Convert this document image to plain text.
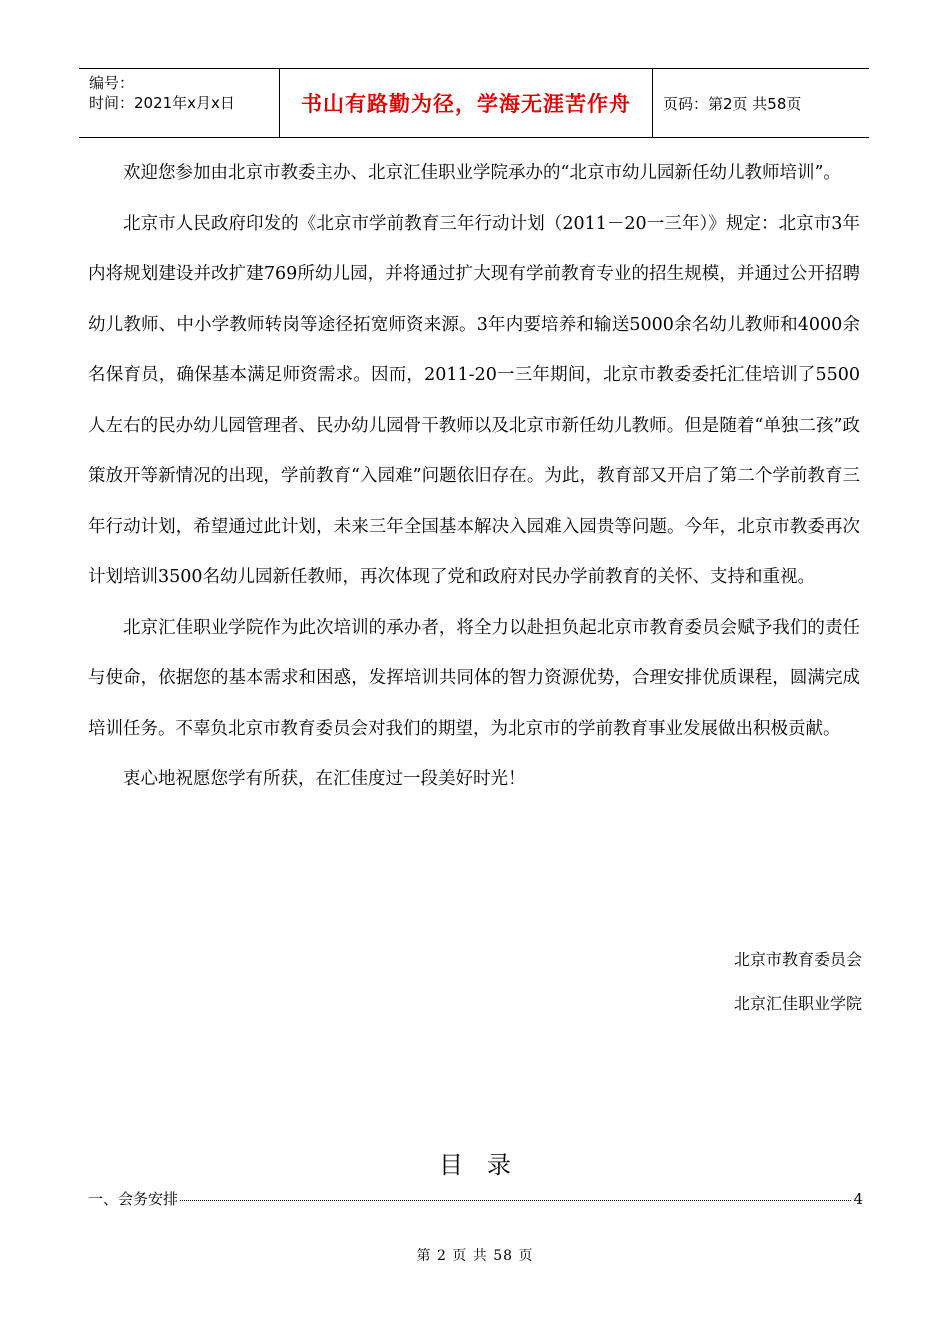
编号：
时间：2021年x月x日	书山有路勤为径，学海无涯苦作舟	页码：第2页 共58页

欢迎您参加由北京市教委主办、北京汇佳职业学院承办的“北京市幼儿园新任幼儿教师培训”。

北京市人民政府印发的《北京市学前教育三年行动计划（2011－20一三年）》规定：北京市3年内将规划建设并改扩建769所幼儿园，并将通过扩大现有学前教育专业的招生规模，并通过公开招聘幼儿教师、中小学教师转岗等途径拓宽师资来源。3年内要培养和输送5000余名幼儿教师和4000余名保育员，确保基本满足师资需求。因而，2011-20一三年期间，北京市教委委托汇佳培训了5500人左右的民办幼儿园管理者、民办幼儿园骨干教师以及北京市新任幼儿教师。但是随着“单独二孩”政策放开等新情况的出现，学前教育“入园难”问题依旧存在。为此，教育部又开启了第二个学前教育三年行动计划，希望通过此计划，未来三年全国基本解决入园难入园贵等问题。今年，北京市教委再次计划培训3500名幼儿园新任教师，再次体现了党和政府对民办学前教育的关怀、支持和重视。

北京汇佳职业学院作为此次培训的承办者，将全力以赴担负起北京市教育委员会赋予我们的责任与使命，依据您的基本需求和困惑，发挥培训共同体的智力资源优势，合理安排优质课程，圆满完成培训任务。不辜负北京市教育委员会对我们的期望，为北京市的学前教育事业发展做出积极贡献。

衷心地祝愿您学有所获，在汇佳度过一段美好时光！

北京市教育委员会
北京汇佳职业学院
目录
一、会务安排	4
第 2 页 共 58 页
